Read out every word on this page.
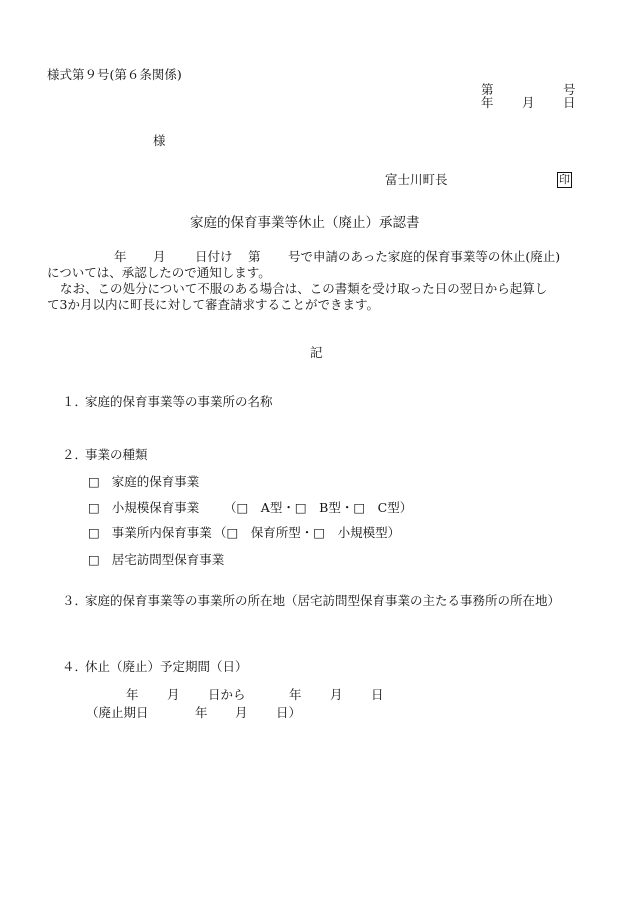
様式第９号(第６条関係)
第	号
年 月 日
様
富士川町長	印
家庭的保育事業等休止（廃止）承認書
年 月 日付け 第 号で申請のあった家庭的保育事業等の休止(廃止)
については、承認したので通知します。
なお、この処分について不服のある場合は、この書類を受け取った日の翌日から起算し
て3か月以内に町長に対して審査請求することができます。
記
１．
家庭的保育事業等の事業所の名称
２．
事業の種類
□ 家庭的保育事業
□ 小規模保育事業 （□　A型・□　B型・□　C型）
□ 事業所内保育事業 （□　保育所型・□　小規模型）
□ 居宅訪問型保育事業
３．
家庭的保育事業等の事業所の所在地（居宅訪問型保育事業の主たる事務所の所在地）
４．
休止（廃止）予定期間（日）
年 月 日から	年 月 日
（廃止期日	年 月 日）
